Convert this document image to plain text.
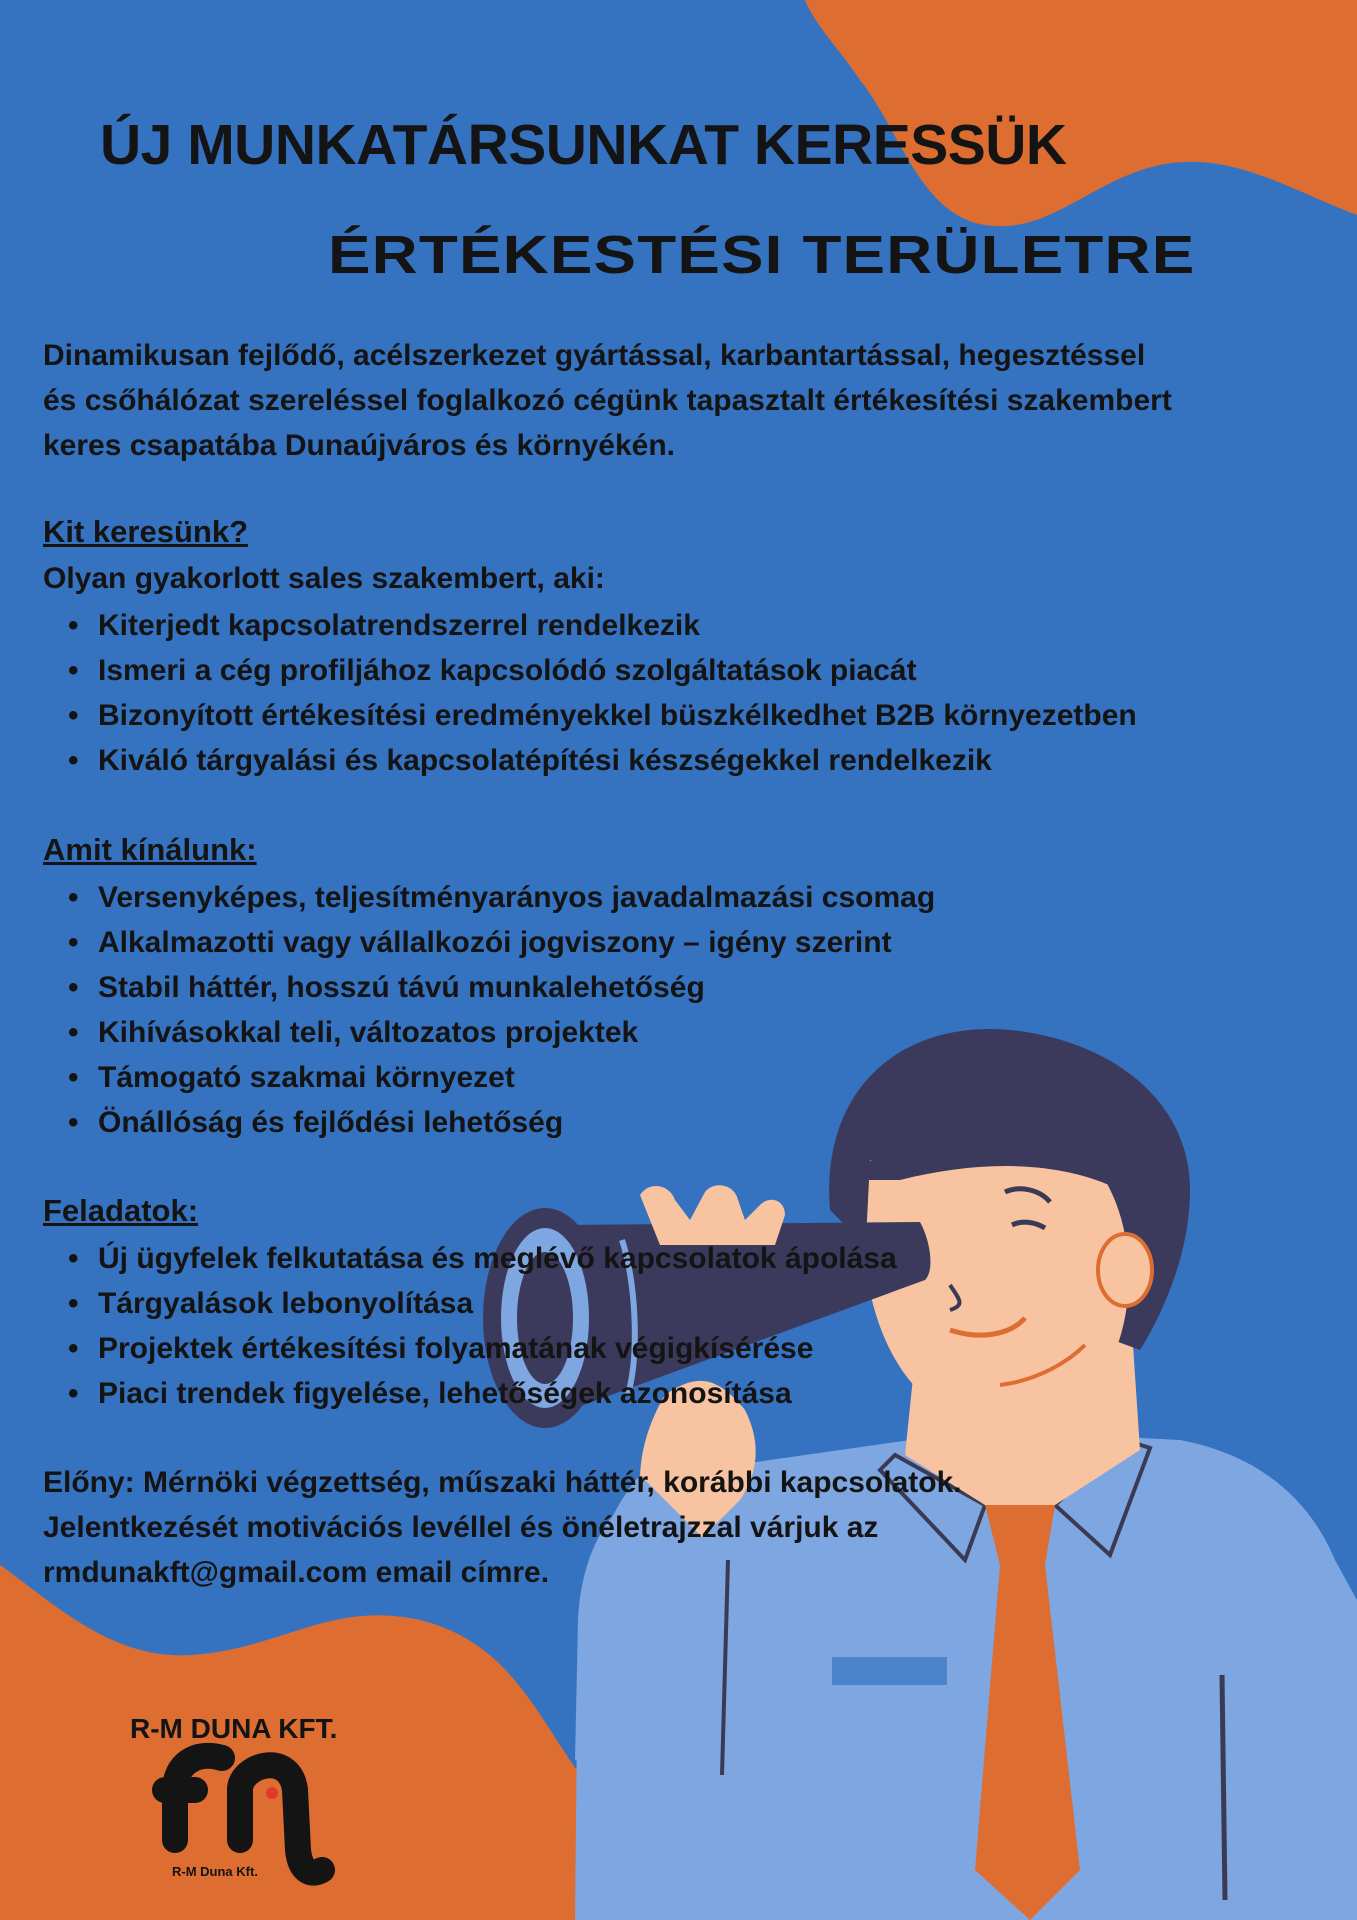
ÚJ MUNKATÁRSUNKAT KERESSÜK
ÉRTÉKESTÉSI TERÜLETRE
Dinamikusan fejlődő, acélszerkezet gyártással, karbantartással, hegesztéssel
és csőhálózat szereléssel foglalkozó cégünk tapasztalt értékesítési szakembert
keres csapatába Dunaújváros és környékén.
Kit keresünk?
Olyan gyakorlott sales szakembert, aki:
• Kiterjedt kapcsolatrendszerrel rendelkezik
• Ismeri a cég profiljához kapcsolódó szolgáltatások piacát
• Bizonyított értékesítési eredményekkel büszkélkedhet B2B környezetben
• Kiváló tárgyalási és kapcsolatépítési készségekkel rendelkezik
Amit kínálunk:
• Versenyképes, teljesítményarányos javadalmazási csomag
• Alkalmazotti vagy vállalkozói jogviszony – igény szerint
• Stabil háttér, hosszú távú munkalehetőség
• Kihívásokkal teli, változatos projektek
• Támogató szakmai környezet
• Önállóság és fejlődési lehetőség
Feladatok:
• Új ügyfelek felkutatása és meglévő kapcsolatok ápolása
• Tárgyalások lebonyolítása
• Projektek értékesítési folyamatának végigkísérése
• Piaci trendek figyelése, lehetőségek azonosítása
Előny: Mérnöki végzettség, műszaki háttér, korábbi kapcsolatok.
Jelentkezését motivációs levéllel és önéletrajzzal várjuk az
rmdunakft@gmail.com email címre.
R-M DUNA KFT.
R-M Duna Kft.
